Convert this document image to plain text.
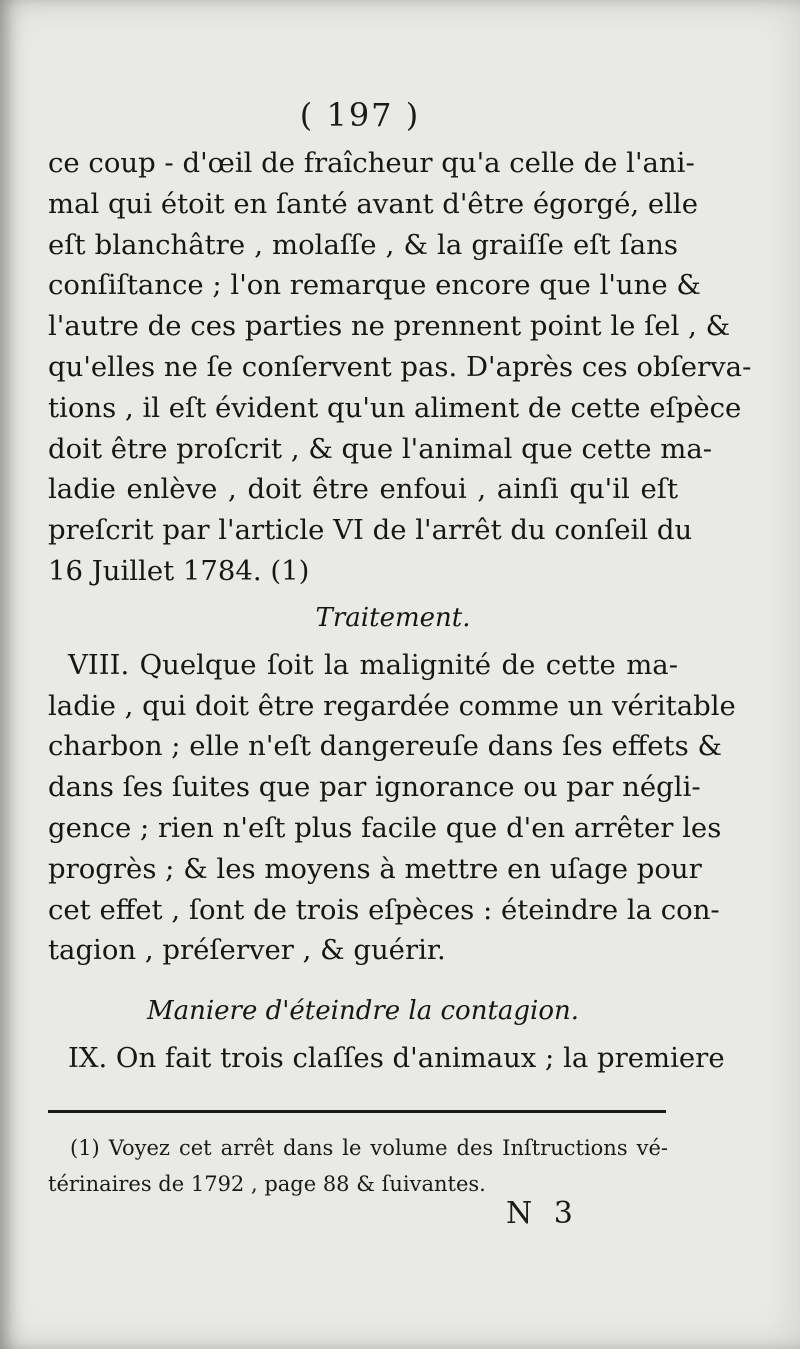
( 197 )
ce coup - d'œil de fraîcheur qu'a celle de l'ani-
mal qui étoit en ſanté avant d'être égorgé, elle
eſt blanchâtre , molaſſe , & la graiſſe eſt ſans
conſiſtance ; l'on remarque encore que l'une &
l'autre de ces parties ne prennent point le ſel , &
qu'elles ne ſe conſervent pas. D'après ces obſerva-
tions , il eſt évident qu'un aliment de cette eſpèce
doit être proſcrit , & que l'animal que cette ma-
ladie enlève , doit être enfoui , ainſi qu'il eſt
preſcrit par l'article VI de l'arrêt du conſeil du
16 Juillet 1784. (1)
Traitement.
VIII. Quelque ſoit la malignité de cette ma-
ladie , qui doit être regardée comme un véritable
charbon ; elle n'eſt dangereuſe dans ſes effets &
dans ſes ſuites que par ignorance ou par négli-
gence ; rien n'eſt plus facile que d'en arrêter les
progrès ; & les moyens à mettre en uſage pour
cet effet , ſont de trois eſpèces : éteindre la con-
tagion , préſerver , & guérir.
Maniere d'éteindre la contagion.
IX. On fait trois claſſes d'animaux ; la premiere
(1) Voyez cet arrêt dans le volume des Inſtructions vé-
térinaires de 1792 , page 88 & ſuivantes.
N 3
